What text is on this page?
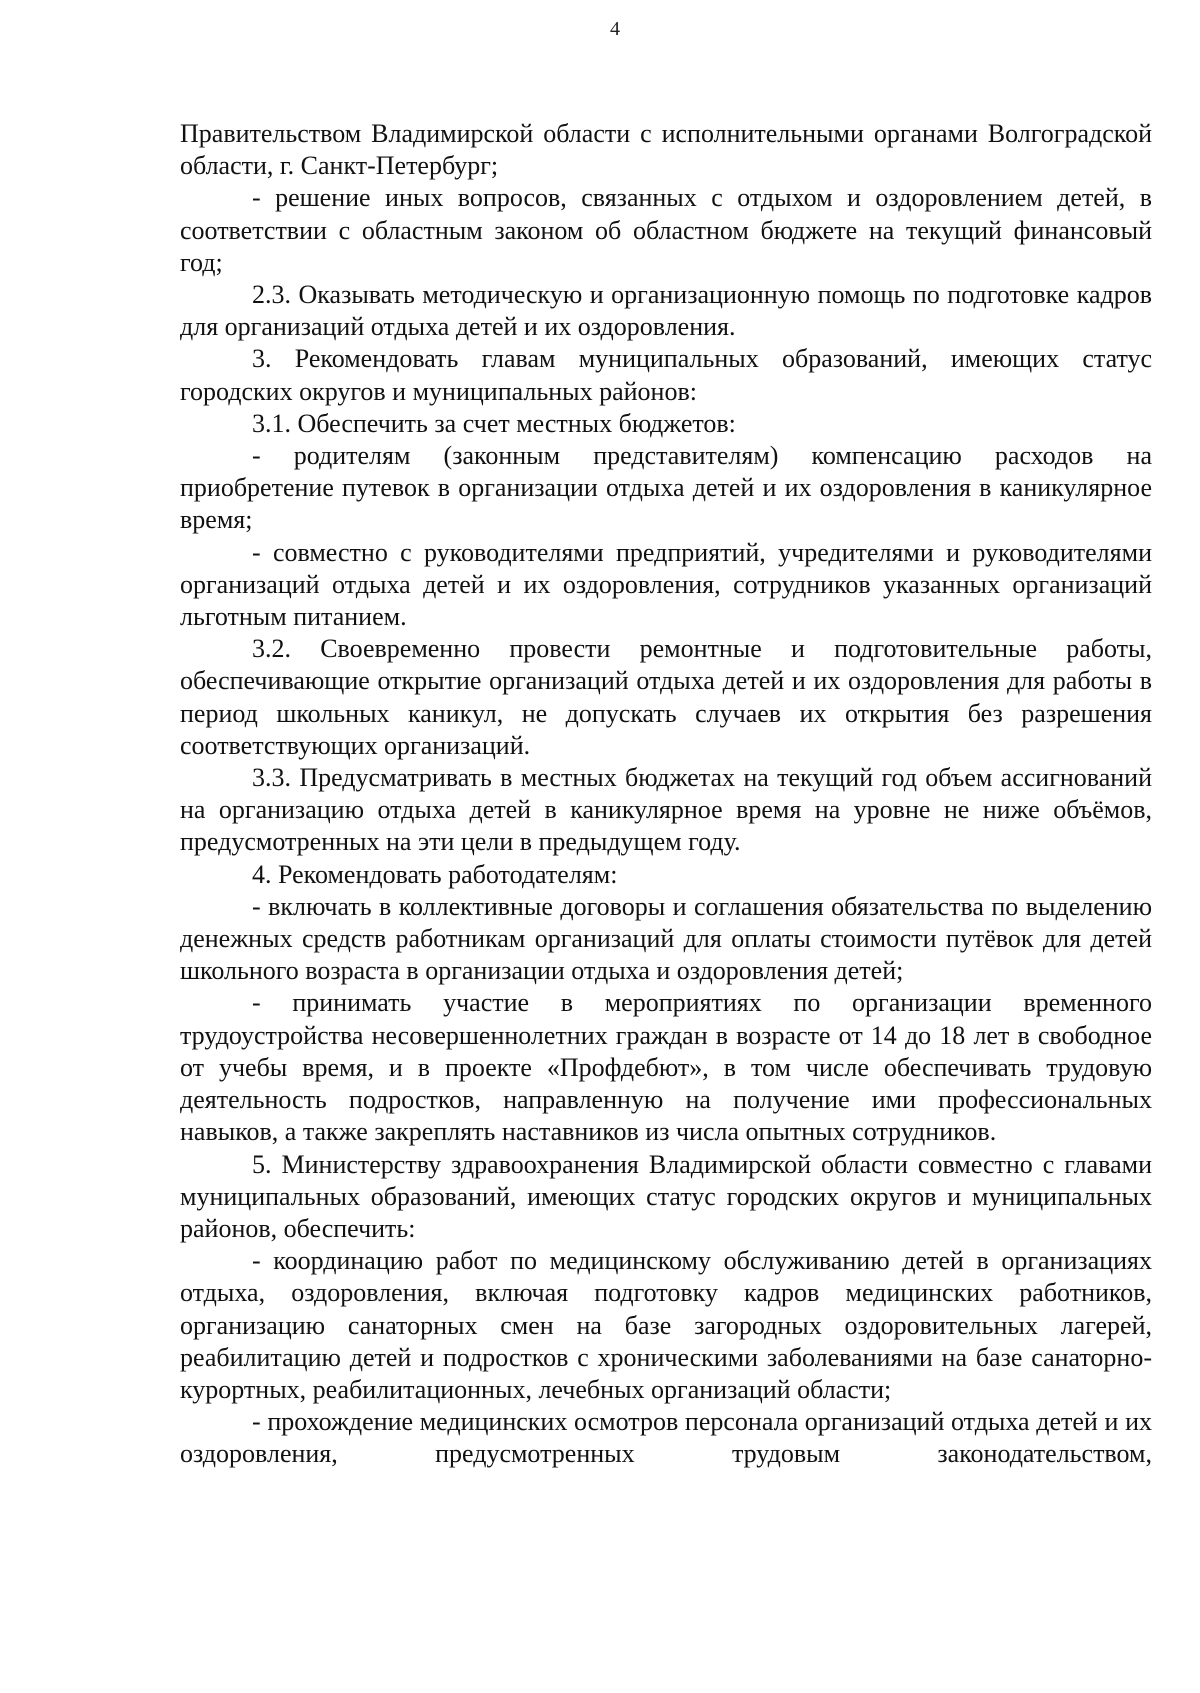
4

Правительством Владимирской области с исполнительными органами Волгоградской области, г. Санкт-Петербург;

- решение иных вопросов, связанных с отдыхом и оздоровлением детей, в соответствии с областным законом об областном бюджете на текущий финансовый год;

2.3. Оказывать методическую и организационную помощь по подготовке кадров для организаций отдыха детей и их оздоровления.

3. Рекомендовать главам муниципальных образований, имеющих статус городских округов и муниципальных районов:

3.1. Обеспечить за счет местных бюджетов:

- родителям (законным представителям) компенсацию расходов на приобретение путевок в организации отдыха детей и их оздоровления в каникулярное время;

- совместно с руководителями предприятий, учредителями и руководителями организаций отдыха детей и их оздоровления, сотрудников указанных организаций льготным питанием.

3.2. Своевременно провести ремонтные и подготовительные работы, обеспечивающие открытие организаций отдыха детей и их оздоровления для работы в период школьных каникул, не допускать случаев их открытия без разрешения соответствующих организаций.

3.3. Предусматривать в местных бюджетах на текущий год объем ассигнований на организацию отдыха детей в каникулярное время на уровне не ниже объёмов, предусмотренных на эти цели в предыдущем году.

4. Рекомендовать работодателям:

- включать в коллективные договоры и соглашения обязательства по выделению денежных средств работникам организаций для оплаты стоимости путёвок для детей школьного возраста в организации отдыха и оздоровления детей;

- принимать участие в мероприятиях по организации временного трудоустройства несовершеннолетних граждан в возрасте от 14 до 18 лет в свободное от учебы время, и в проекте «Профдебют», в том числе обеспечивать трудовую деятельность подростков, направленную на получение ими профессиональных навыков, а также закреплять наставников из числа опытных сотрудников.

5. Министерству здравоохранения Владимирской области совместно с главами муниципальных образований, имеющих статус городских округов и муниципальных районов, обеспечить:

- координацию работ по медицинскому обслуживанию детей в организациях отдыха, оздоровления, включая подготовку кадров медицинских работников, организацию санаторных смен на базе загородных оздоровительных лагерей, реабилитацию детей и подростков с хроническими заболеваниями на базе санаторно-курортных, реабилитационных, лечебных организаций области;

- прохождение медицинских осмотров персонала организаций отдыха детей и их оздоровления, предусмотренных трудовым законодательством,
